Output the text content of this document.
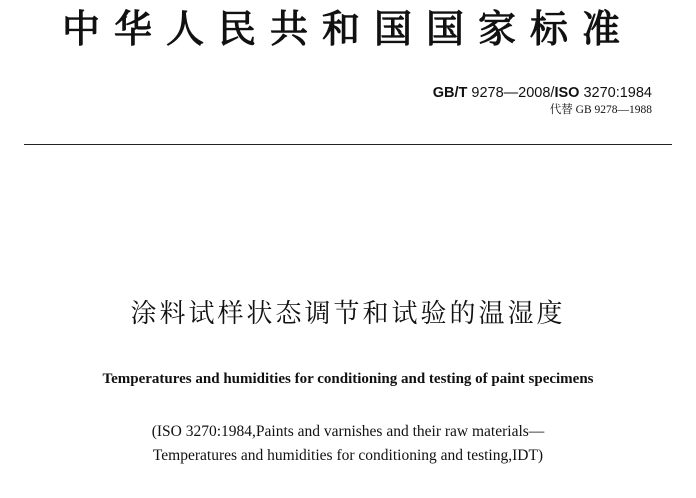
中华人民共和国国家标准
GB/T 9278—2008/ISO 3270:1984
代替 GB 9278—1988
涂料试样状态调节和试验的温湿度
Temperatures and humidities for conditioning and testing of paint specimens
(ISO 3270:1984,Paints and varnishes and their raw materials—
Temperatures and humidities for conditioning and testing,IDT)
